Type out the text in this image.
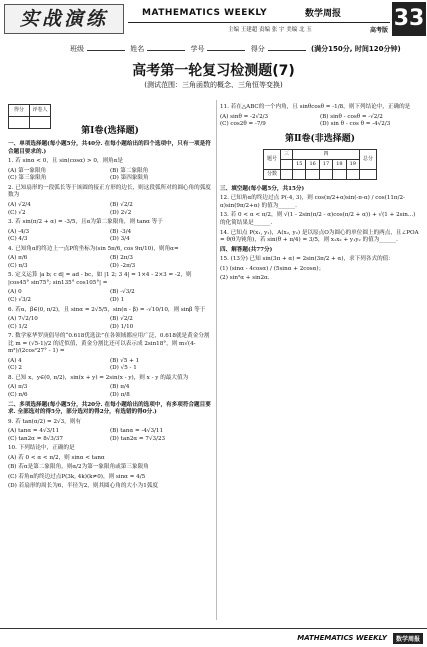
实战演练	MATHEMATICS WEEKLY	数学周报 33
主编 王建超 责编 张 宇 美编 北 玉	高考版
班级	姓名	学号	得分	(满分150分, 时间120分钟)
高考第一轮复习检测题(7)
(测试范围：三角函数的概念、三角恒等变换)
得分	评卷人

第Ⅰ卷(选择题)
一、单项选择题(每小题5分，共40分. 在每小题给出的四个选项中，只有一项是符合题目要求的.)
1. 若 sinα < 0，且 sin(cosα) > 0，则角α是
(A) 第一象限角	(B) 第二象限角
(C) 第三象限角	(D) 第四象限角
2. 已知扇形的一段弧长等于该圆的接正方形的边长，则这段弧所对的圆心角的弧度数为
(A) √2/4	(B) √2/2
(C) √2	(D) 2√2
3. 若 sin(π/2 + α) = -3/5，且α为第二象限角，则 tanα 等于
(A) -4/3	(B) -3/4
(C) 4/3	(D) 3/4
4. 已知角α的终边上一点P的坐标为(sin 5π/6, cos 9π/10)，则角α=
(A) π/6	(B) 2π/3
(C) π/3	(D) -2π/3
5. 定义运算 |a b; c d| = ad - bc，如 |1 2; 3 4| = 1×4 - 2×3 = -2，则 |cos45° sin75°; sin135° cos105°| =
(A) 0	(B) -√3/2
(C) √3/2	(D) 1
6. 若α，β∈(0, π/2)，且 sinα = 2√5/5，sin(α - β) = -√10/10，则 sinβ 等于
(A) 7√2/10	(B) √2/2
(C) 1/2	(D) 1/10
7. 数学家华罗庚倡导的“0.618优选法”在各领域都应用广泛，0.618就是黄金分割比 m = (√5-1)/2 的近似值，黄金分割比还可以表示成 2sin18°，则 m√(4-m²)/(2cos²27° - 1) =
(A) 4	(B) √5 + 1
(C) 2	(D) √5 - 1
8. 已知 x，y∈(0, π/2)，sin(x + y) = 2sin(x - y)，则 x - y 的最大值为
(A) π/3	(B) π/4
(C) π/6	(D) π/8
二、多项选择题(每小题5分，共20分. 在每小题给出的选项中，有多项符合题目要求. 全部选对的得5分，部分选对的得2分，有选错的得0分.)
9. 若 tan(α/2) = 2√3，则有
(A) tanα = 4√3/11	(B) tanα = -4√3/11
(C) tan2α = 8√3/37	(D) tan2α = 7√3/23
10. 下列结论中，正确的是
(A) 若 0 < α < π/2，则 sinα < tanα
(B) 若α是第二象限角，则α/2为第一象限角或第三象限角
(C) 若角α的终边过点P(3k, 4k)(k≠0)，则 sinα = 4/5
(D) 若扇形的周长为6，半径为2，则其圆心角的大小为1弧度
11. 若在△ABC的一个内角，且 sinθcosθ = -1/8，则下列结论中，正确的是
(A) sinθ = -2√2/3	(B) sinθ - cosθ = -√2/2
(C) cos2θ = -7/9	(D) sin θ - cos θ = -4√2/3
第Ⅱ卷(非选择题)
题号	三	四					总分
		15	16	17	18	19	
分数							
三、填空题(每小题5分，共15分)
12. 已知角α的终边过点 P(-4, 3)，则 cos(π/2+α)sin(-π-α) / cos(11π/2-α)sin(9π/2+α) 的值为______.
13. 若 0 < α < π/2，则 √(1 - 2sin(π/2 - α)cos(π/2 + α)) + √(1 + 2sin...) 的化简结果是______.
14. 已知点 P(x₁, y₁)，A(x₂, y₂) 是以原点O为圆心的单位圆上的两点，且∠POA = θ(θ为钝角)，若 sin(θ + π/4) = 3/5，则 x₁x₂ + y₁y₂ 的值为______.
四、解答题(共77分)
15. (13分) 已知 sin(3π + α) = 2sin(3π/2 + α)，求下列各式的值：
(1) (sinα - 4cosα) / (5sinα + 2cosα)；
(2) sin²α + sin2α.
MATHEMATICS WEEKLY	数学周报
